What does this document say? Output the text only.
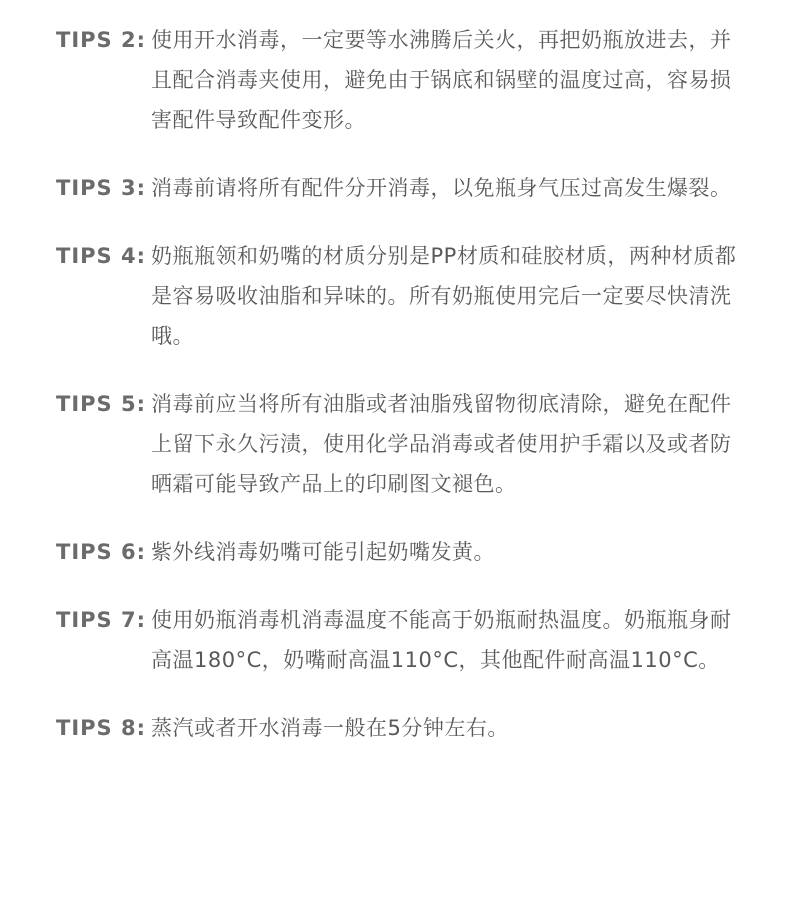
TIPS 2: 使用开水消毒，一定要等水沸腾后关火，再把奶瓶放进去，并且配合消毒夹使用，避免由于锅底和锅壁的温度过高，容易损害配件导致配件变形。
TIPS 3: 消毒前请将所有配件分开消毒，以免瓶身气压过高发生爆裂。
TIPS 4: 奶瓶瓶领和奶嘴的材质分别是PP材质和硅胶材质，两种材质都是容易吸收油脂和异味的。所有奶瓶使用完后一定要尽快清洗哦。
TIPS 5: 消毒前应当将所有油脂或者油脂残留物彻底清除，避免在配件上留下永久污渍，使用化学品消毒或者使用护手霜以及或者防晒霜可能导致产品上的印刷图文褪色。
TIPS 6: 紫外线消毒奶嘴可能引起奶嘴发黄。
TIPS 7: 使用奶瓶消毒机消毒温度不能高于奶瓶耐热温度。奶瓶瓶身耐高温180°C，奶嘴耐高温110°C，其他配件耐高温110°C。
TIPS 8: 蒸汽或者开水消毒一般在5分钟左右。
